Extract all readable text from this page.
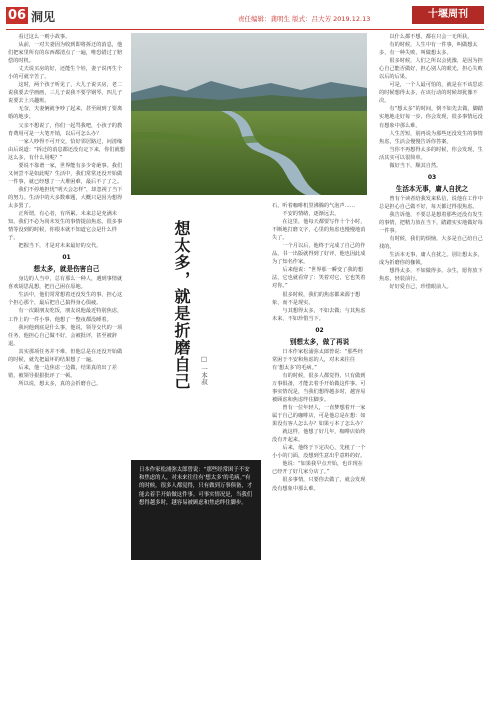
06 洞见	责任编辑：龚明生 版式：吕大芳 2019.12.13	十堰周刊

看过这么一则小故事。

从前，一对夫妻因为收到即将拆迁的消息，他们把家里所有的东西都清点了一遍，唯恐错过了赔偿的时机。

丈夫说买房的好，还能生个娃，妻子说再生个小的可就辛苦了。

这时，两个孩子听见了，大儿子说买房，老二说我要去学画画，三儿子说我不要学钢琴，四儿子说要去上兴趣班。

无奈，夫妻俩就争吵了起来，甚至闹到了要离婚的地步。

父亲不想说了，你们一起骂我吧，小孩子的教育费用可是一大笔开销，以后可怎么办？

一家人吵得不可开交，恰好邻居路过，问清缘由后说道：“拆迁的消息都还没有定下来，你们就想这么多，有什么用呢？”

要说不靠谱一家，世界能有多少奇葩事。我们又何尝不是如此呢？生活中，我们常常还没开始做一件事，就已经想了一大堆困难，最后不了了之。

我们不停地担忧“明天会怎样”，却忽视了当下的努力。生活中的大多数难题，大概只是因为想得太多罢了。

正所谓，有心者，有所累。未来总是充满未知，我们不必为尚未发生的事情提前焦虑。很多事情等没到的时候，你根本就不知道它会是什么样子。

把握当下，才是对未来最好的交代。

01
想太多，就是伤害自己

身边的人当中，总有那么一种人，遇到事情就喜欢胡思乱想，把自己困在原地。

生活中，他们常常想着还没发生的事，担心这个担心那个，最后把自己搞得身心俱疲。

有一次跟朋友吃饭，朋友说他最近特别焦虑，工作上的一件小事，他想了一整夜都没睡着。

我问他到底是什么事，他说，领导交代的一项任务，他担心自己做不好，会被批评，甚至被辞退。

其实那项任务并不难，但他总是在还没开始做的时候，就先把最坏的结果想了一遍。

后来，他一边焦虑一边做，结果真的出了差错，被领导狠狠批评了一顿。

所以说，想太多，真的会折磨自己。

想太多，就是折磨自己 □ 一本叔

日本作家松浦弥太郎曾说：“那些经常困于不安和焦虑的人，对未来往往有‘想太多’的毛病。”有的时候，很多人都觉得，只有做到万事俱备，才能去着手开始做这件事。可事实情况是，当我们想得越多时，越容易被顾虑和焦虑绊住脚步。

石，听着咖啡机里沸腾的气泡声……

不安的情绪，逐渐远去。

在这里，他每天都要写作十个小时，不断地打磨文字，心里的焦虑也慢慢地消失了。

一个月以后，他终于完成了自己的作品，书一出版就得到了好评，他也因此成为了知名作家。

后来他说：“世界那一瞬变了我的想法，它也就看穿了：笑着对它，它也笑着对你。”

很多时候，我们的焦虑都来源于想象，而不是现实。

与其想得太多，不如去做；与其焦虑未来，不如珍惜当下。

02
别想太多，做了再说

日本作家松浦弥太郎曾说：“那些经常困于不安和焦虑的人，对未来往往有‘想太多’的毛病。”

有的时候，很多人都觉得，只有做到万事俱备，才能去着手开始做这件事。可事实情况是，当我们想得越多时，越容易被顾虑和焦虑绊住脚步。

曾有一位年轻人，一直梦想着开一家属于自己的咖啡店，可是他总是在想：如果没有客人怎么办？如果亏本了怎么办？

就这样，他想了好几年，咖啡店始终没有开起来。

后来，他终于下定决心，先租了一个小小的门面，没想到生意出乎意料的好。

他说：“如果我早点开始，也许现在已经开了好几家分店了。”

很多事情，只要你去做了，就会发现没有想象中那么难。

以什么都不想，都在只会一无所获。

有的时候，人生中有一件事，叫做想太多，有一种失败，叫做想太多。

很多时候，人们之所以会犹豫，是因为担心自己能否做好，担心别人的眼光，担心失败以后的后果。

可是，一个人最可怕的，就是在不该思虑的时候想得太多，在该行动的时候却犹豫不决。

有“想太多”的时间，倒不如先去做，脚踏实地地走好每一步，你会发现，很多事情远没有想象中那么难。

人生苦短，别再说为那些还没发生的事情焦虑，生活会慢慢告诉你答案。

当你不再想得太多的时候，你会发现，生活其实可以很简单。

做好当下，顺其自然。

03
生活本无事，庸人自扰之

曾有个读者给我发来私信，说他在工作中总是担心自己做不好，每天都过得很焦虑。

我告诉他，不要总是想着那些还没有发生的事情，把精力放在当下，踏踏实实地做好每一件事。

有时候，我们的烦恼，大多是自己给自己找的。

生活本无事，庸人自扰之。别让想太多，成为折磨你的枷锁。

想得太多，不如做得多。余生，愿你放下焦虑，轻装前行。

好好爱自己，珍惜眼前人。
